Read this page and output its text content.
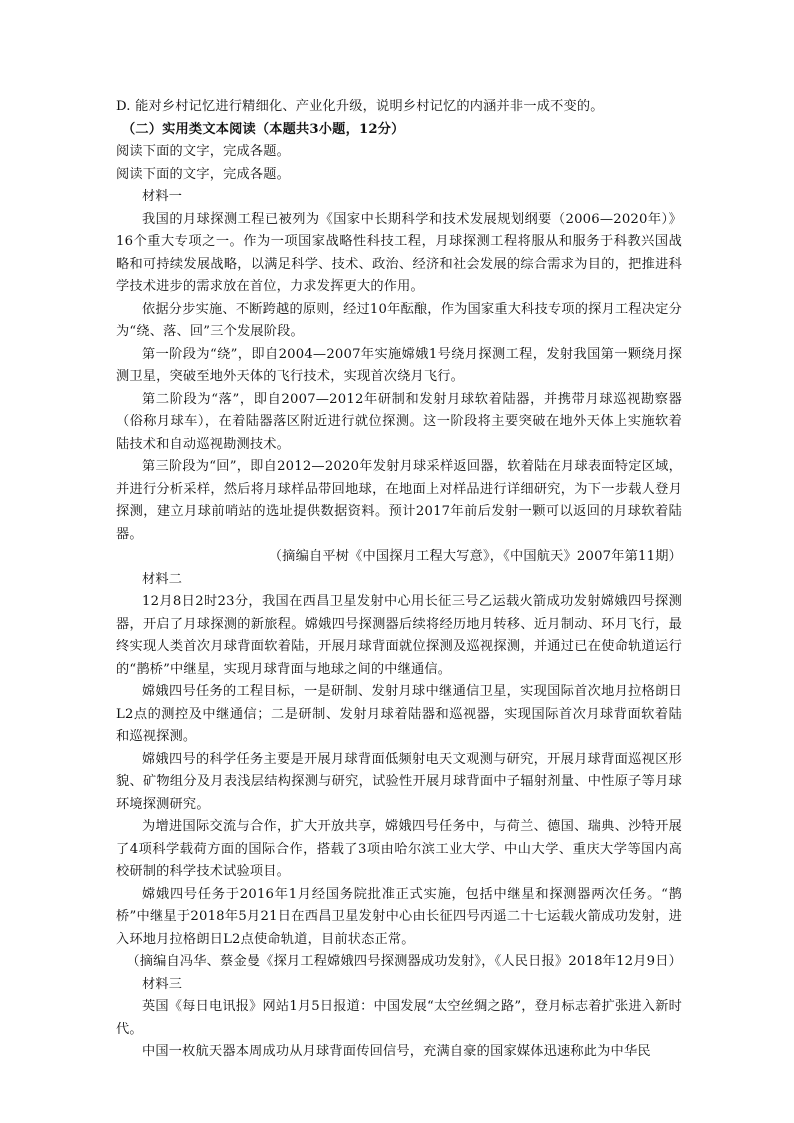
D. 能对乡村记忆进行精细化、产业化升级，说明乡村记忆的内涵并非一成不变的。
（二）实用类文本阅读（本题共3小题，12分）
阅读下面的文字，完成各题。
阅读下面的文字，完成各题。
材料一

我国的月球探测工程已被列为《国家中长期科学和技术发展规划纲要（2006—2020年）》16个重大专项之一。作为一项国家战略性科技工程，月球探测工程将服从和服务于科教兴国战略和可持续发展战略，以满足科学、技术、政治、经济和社会发展的综合需求为目的，把推进科学技术进步的需求放在首位，力求发挥更大的作用。

依据分步实施、不断跨越的原则，经过10年酝酿，作为国家重大科技专项的探月工程决定分为“绕、落、回”三个发展阶段。

第一阶段为“绕”，即自2004—2007年实施嫦娥1号绕月探测工程，发射我国第一颗绕月探测卫星，突破至地外天体的飞行技术，实现首次绕月飞行。

第二阶段为“落”，即自2007—2012年研制和发射月球软着陆器，并携带月球巡视勘察器（俗称月球车），在着陆器落区附近进行就位探测。这一阶段将主要突破在地外天体上实施软着陆技术和自动巡视勘测技术。

第三阶段为“回”，即自2012—2020年发射月球采样返回器，软着陆在月球表面特定区域，并进行分析采样，然后将月球样品带回地球，在地面上对样品进行详细研究，为下一步载人登月探测，建立月球前哨站的选址提供数据资料。预计2017年前后发射一颗可以返回的月球软着陆器。

（摘编自平树《中国探月工程大写意》，《中国航天》2007年第11期）

材料二

12月8日2时23分，我国在西昌卫星发射中心用长征三号乙运载火箭成功发射嫦娥四号探测器，开启了月球探测的新旅程。嫦娥四号探测器后续将经历地月转移、近月制动、环月飞行，最终实现人类首次月球背面软着陆，开展月球背面就位探测及巡视探测，并通过已在使命轨道运行的“鹊桥”中继星，实现月球背面与地球之间的中继通信。

嫦娥四号任务的工程目标，一是研制、发射月球中继通信卫星，实现国际首次地月拉格朗日L2点的测控及中继通信；二是研制、发射月球着陆器和巡视器，实现国际首次月球背面软着陆和巡视探测。

嫦娥四号的科学任务主要是开展月球背面低频射电天文观测与研究，开展月球背面巡视区形貌、矿物组分及月表浅层结构探测与研究，试验性开展月球背面中子辐射剂量、中性原子等月球环境探测研究。

为增进国际交流与合作，扩大开放共享，嫦娥四号任务中，与荷兰、德国、瑞典、沙特开展了4项科学载荷方面的国际合作，搭载了3项由哈尔滨工业大学、中山大学、重庆大学等国内高校研制的科学技术试验项目。

嫦娥四号任务于2016年1月经国务院批准正式实施，包括中继星和探测器两次任务。“鹊桥”中继星于2018年5月21日在西昌卫星发射中心由长征四号丙遥二十七运载火箭成功发射，进入环地月拉格朗日L2点使命轨道，目前状态正常。

（摘编自冯华、蔡金曼《探月工程嫦娥四号探测器成功发射》，《人民日报》2018年12月9日）

材料三

英国《每日电讯报》网站1月5日报道：中国发展“太空丝绸之路”，登月标志着扩张进入新时代。

中国一枚航天器本周成功从月球背面传回信号，充满自豪的国家媒体迅速称此为中华民
